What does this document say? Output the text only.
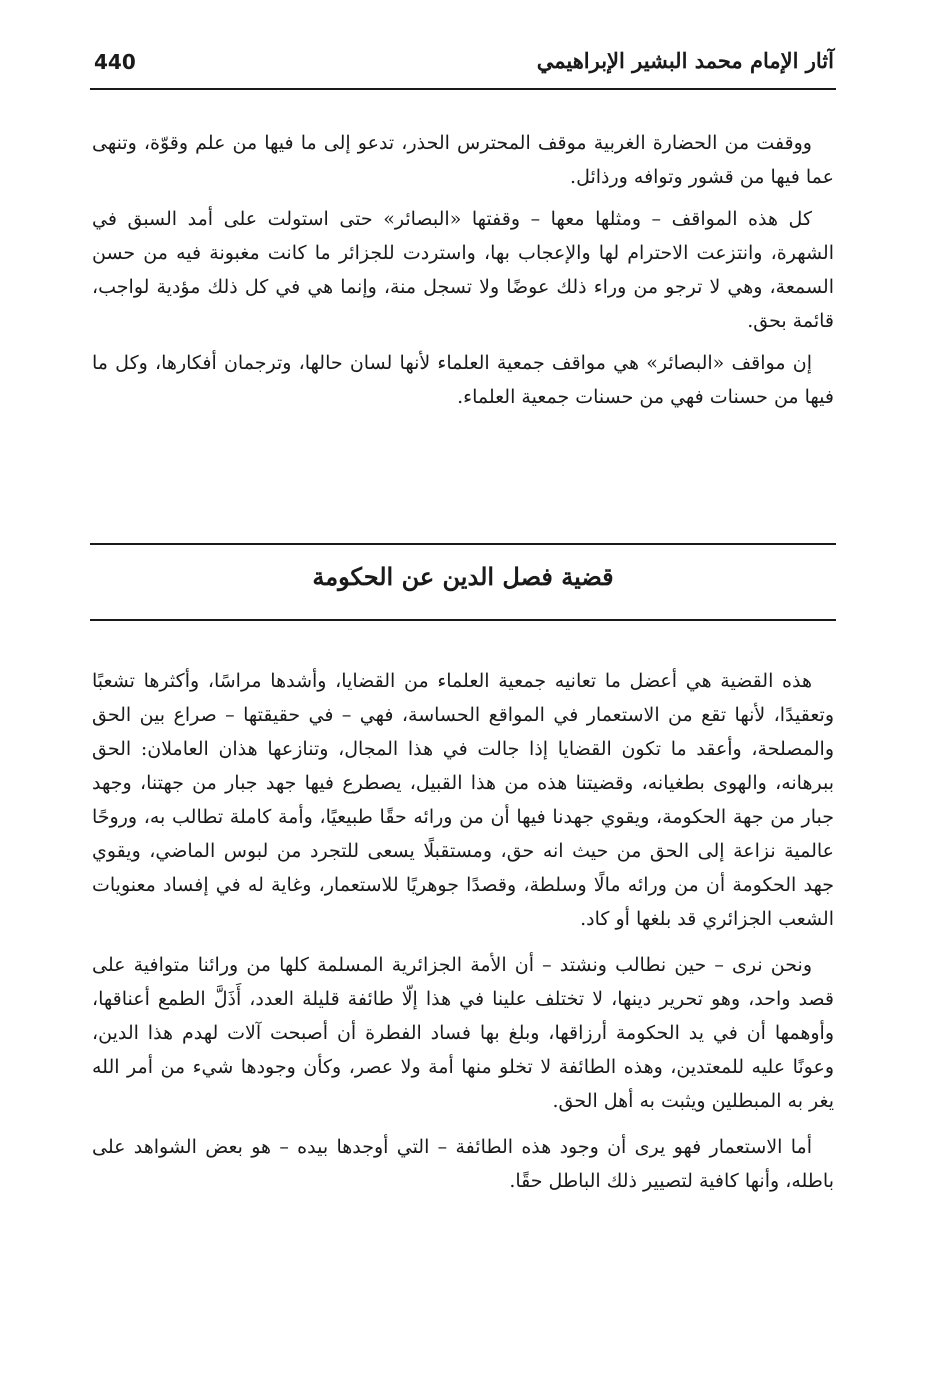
440	آثار الإمام محمد البشير الإبراهيمي

ووقفت من الحضارة الغربية موقف المحترس الحذر، تدعو إلى ما فيها من علم وقوّة، وتنهى عما فيها من قشور وتوافه ورذائل.

كل هذه المواقف – ومثلها معها – وقفتها «البصائر» حتى استولت على أمد السبق في الشهرة، وانتزعت الاحترام لها والإعجاب بها، واستردت للجزائر ما كانت مغبونة فيه من حسن السمعة، وهي لا ترجو من وراء ذلك عوضًا ولا تسجل منة، وإنما هي في كل ذلك مؤدية لواجب، قائمة بحق.

إن مواقف «البصائر» هي مواقف جمعية العلماء لأنها لسان حالها، وترجمان أفكارها، وكل ما فيها من حسنات فهي من حسنات جمعية العلماء.

قضية فصل الدين عن الحكومة

هذه القضية هي أعضل ما تعانيه جمعية العلماء من القضايا، وأشدها مراسًا، وأكثرها تشعبًا وتعقيدًا، لأنها تقع من الاستعمار في المواقع الحساسة، فهي – في حقيقتها – صراع بين الحق والمصلحة، وأعقد ما تكون القضايا إذا جالت في هذا المجال، وتنازعها هذان العاملان: الحق ببرهانه، والهوى بطغيانه، وقضيتنا هذه من هذا القبيل، يصطرع فيها جهد جبار من جهتنا، وجهد جبار من جهة الحكومة، ويقوي جهدنا فيها أن من ورائه حقًا طبيعيًا، وأمة كاملة تطالب به، وروحًا عالمية نزاعة إلى الحق من حيث انه حق، ومستقبلًا يسعى للتجرد من لبوس الماضي، ويقوي جهد الحكومة أن من ورائه مالًا وسلطة، وقصدًا جوهريًا للاستعمار، وغاية له في إفساد معنويات الشعب الجزائري قد بلغها أو كاد.

ونحن نرى – حين نطالب ونشتد – أن الأمة الجزائرية المسلمة كلها من ورائنا متوافية على قصد واحد، وهو تحرير دينها، لا تختلف علينا في هذا إلّا طائفة قليلة العدد، أَذَلَّ الطمع أعناقها، وأوهمها أن في يد الحكومة أرزاقها، وبلغ بها فساد الفطرة أن أصبحت آلات لهدم هذا الدين، وعونًا عليه للمعتدين، وهذه الطائفة لا تخلو منها أمة ولا عصر، وكأن وجودها شيء من أمر الله يغر به المبطلين ويثبت به أهل الحق.

أما الاستعمار فهو يرى أن وجود هذه الطائفة – التي أوجدها بيده – هو بعض الشواهد على باطله، وأنها كافية لتصيير ذلك الباطل حقًا.
